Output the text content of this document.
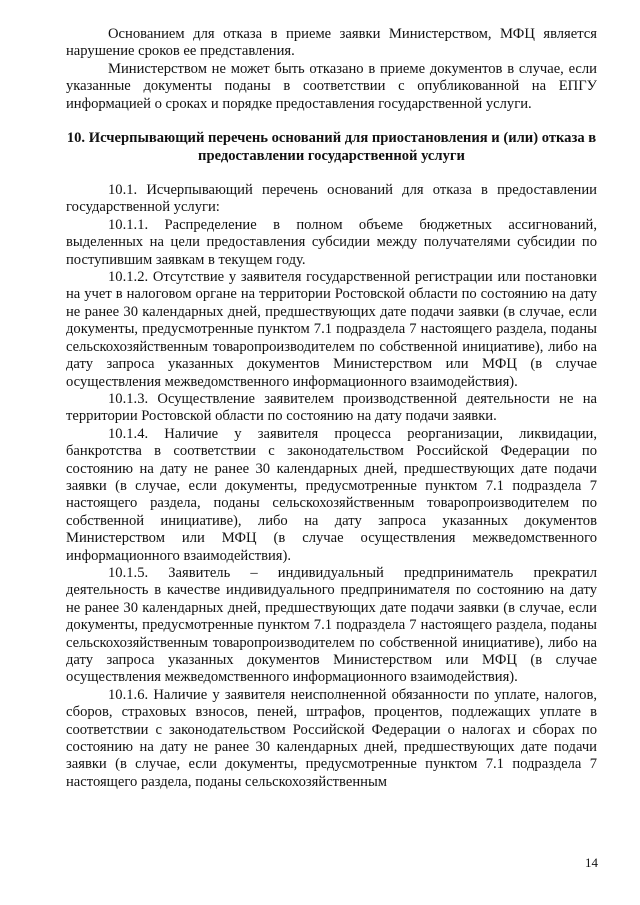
Основанием для отказа в приеме заявки Министерством, МФЦ является нарушение сроков ее представления.

Министерством не может быть отказано в приеме документов в случае, если указанные документы поданы в соответствии с опубликованной на ЕПГУ информацией о сроках и порядке предоставления государственной услуги.

10. Исчерпывающий перечень оснований для приостановления и (или) отказа в предоставлении государственной услуги

10.1. Исчерпывающий перечень оснований для отказа в предоставлении государственной услуги:

10.1.1. Распределение в полном объеме бюджетных ассигнований, выделенных на цели предоставления субсидии между получателями субсидии по поступившим заявкам в текущем году.

10.1.2. Отсутствие у заявителя государственной регистрации или постановки на учет в налоговом органе на территории Ростовской области по состоянию на дату не ранее 30 календарных дней, предшествующих дате подачи заявки (в случае, если документы, предусмотренные пунктом 7.1 подраздела 7 настоящего раздела, поданы сельскохозяйственным товаропроизводителем по собственной инициативе), либо на дату запроса указанных документов Министерством или МФЦ (в случае осуществления межведомственного информационного взаимодействия).

10.1.3. Осуществление заявителем производственной деятельности не на территории Ростовской области по состоянию на дату подачи заявки.

10.1.4. Наличие у заявителя процесса реорганизации, ликвидации, банкротства в соответствии с законодательством Российской Федерации по состоянию на дату не ранее 30 календарных дней, предшествующих дате подачи заявки (в случае, если документы, предусмотренные пунктом 7.1 подраздела 7 настоящего раздела, поданы сельскохозяйственным товаропроизводителем по собственной инициативе), либо на дату запроса указанных документов Министерством или МФЦ (в случае осуществления межведомственного информационного взаимодействия).

10.1.5. Заявитель – индивидуальный предприниматель прекратил деятельность в качестве индивидуального предпринимателя по состоянию на дату не ранее 30 календарных дней, предшествующих дате подачи заявки (в случае, если документы, предусмотренные пунктом 7.1 подраздела 7 настоящего раздела, поданы сельскохозяйственным товаропроизводителем по собственной инициативе), либо на дату запроса указанных документов Министерством или МФЦ (в случае осуществления межведомственного информационного взаимодействия).

10.1.6. Наличие у заявителя неисполненной обязанности по уплате, налогов, сборов, страховых взносов, пеней, штрафов, процентов, подлежащих уплате в соответствии с законодательством Российской Федерации о налогах и сборах по состоянию на дату не ранее 30 календарных дней, предшествующих дате подачи заявки (в случае, если документы, предусмотренные пунктом 7.1 подраздела 7 настоящего раздела, поданы сельскохозяйственным

14
